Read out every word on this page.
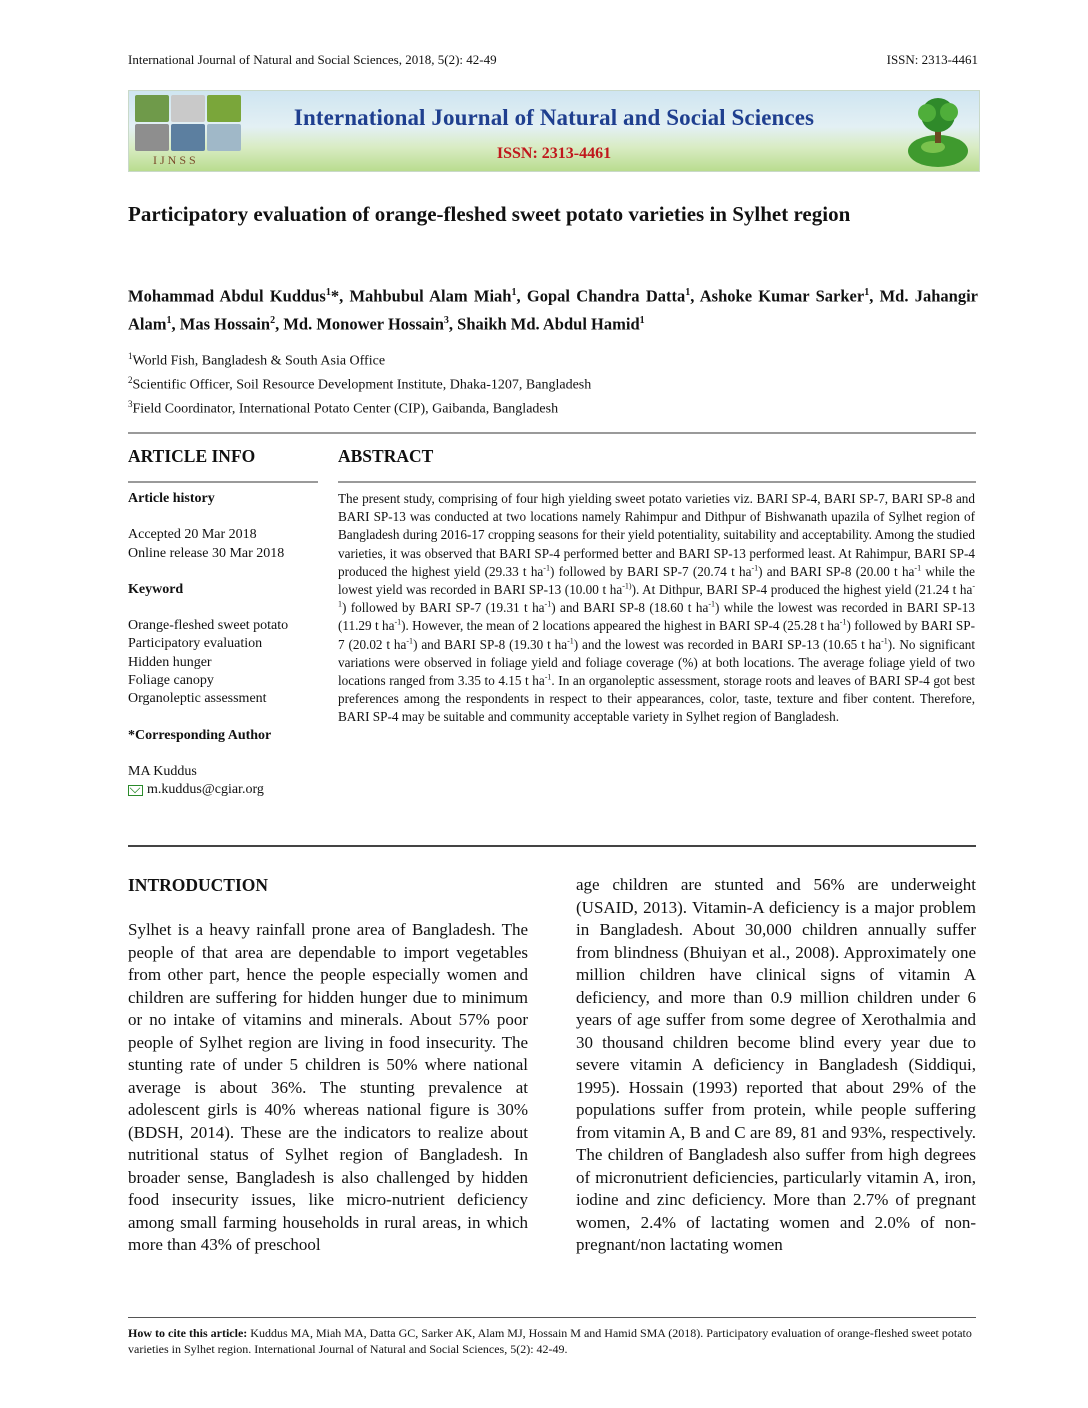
International Journal of Natural and Social Sciences, 2018, 5(2): 42-49	ISSN: 2313-4461
IJNSS
International Journal of Natural and Social Sciences
ISSN: 2313-4461
Participatory evaluation of orange-fleshed sweet potato varieties in Sylhet region
Mohammad Abdul Kuddus$^1$*, Mahbubul Alam Miah$^1$, Gopal Chandra Datta$^1$, Ashoke Kumar Sarker$^1$, Md. Jahangir Alam$^1$, Mas Hossain$^2$, Md. Monower Hossain$^3$, Shaikh Md. Abdul Hamid$^1$
$^1$World Fish, Bangladesh & South Asia Office
$^2$Scientific Officer, Soil Resource Development Institute, Dhaka-1207, Bangladesh
$^3$Field Coordinator, International Potato Center (CIP), Gaibanda, Bangladesh
ARTICLE INFO	ABSTRACT
Article history
Accepted 20 Mar 2018
Online release 30 Mar 2018
Keyword
Orange-fleshed sweet potato
Participatory evaluation
Hidden hunger
Foliage canopy
Organoleptic assessment
*Corresponding Author
MA Kuddus
m.kuddus@cgiar.org
The present study, comprising of four high yielding sweet potato varieties viz. BARI SP-4, BARI SP-7, BARI SP-8 and BARI SP-13 was conducted at two locations namely Rahimpur and Dithpur of Bishwanath upazila of Sylhet region of Bangladesh during 2016-17 cropping seasons for their yield potentiality, suitability and acceptability. Among the studied varieties, it was observed that BARI SP-4 performed better and BARI SP-13 performed least. At Rahimpur, BARI SP-4 produced the highest yield (29.33 t $ha^{-1}$) followed by BARI SP-7 (20.74 t $ha^{-1}$) and BARI SP-8 (20.00 t $ha^{-1}$ while the lowest yield was recorded in BARI SP-13 (10.00 t $ha^{-1)}$). At Dithpur, BARI SP-4 produced the highest yield (21.24 t $ha^{-1}$) followed by BARI SP-7 (19.31 t $ha^{-1}$) and BARI SP-8 (18.60 t $ha^{-1}$) while the lowest was recorded in BARI SP-13 (11.29 t $ha^{-1}$). However, the mean of 2 locations appeared the highest in BARI SP-4 (25.28 t $ha^{-1}$) followed by BARI SP-7 (20.02 t $ha^{-1}$) and BARI SP-8 (19.30 t $ha^{-1}$) and the lowest was recorded in BARI SP-13 (10.65 t $ha^{-1}$). No significant variations were observed in foliage yield and foliage coverage (%) at both locations. The average foliage yield of two locations ranged from 3.35 to 4.15 t $ha^{-1}$. In an organoleptic assessment, storage roots and leaves of BARI SP-4 got best preferences among the respondents in respect to their appearances, color, taste, texture and fiber content. Therefore, BARI SP-4 may be suitable and community acceptable variety in Sylhet region of Bangladesh.
INTRODUCTION
Sylhet is a heavy rainfall prone area of Bangladesh. The people of that area are dependable to import vegetables from other part, hence the people especially women and children are suffering for hidden hunger due to minimum or no intake of vitamins and minerals. About 57% poor people of Sylhet region are living in food insecurity. The stunting rate of under 5 children is 50% where national average is about 36%. The stunting prevalence at adolescent girls is 40% whereas national figure is 30% (BDSH, 2014). These are the indicators to realize about nutritional status of Sylhet region of Bangladesh. In broader sense, Bangladesh is also challenged by hidden food insecurity issues, like micro-nutrient deficiency among small farming households in rural areas, in which more than 43% of preschool
age children are stunted and 56% are underweight (USAID, 2013). Vitamin-A deficiency is a major problem in Bangladesh. About 30,000 children annually suffer from blindness (Bhuiyan et al., 2008). Approximately one million children have clinical signs of vitamin A deficiency, and more than 0.9 million children under 6 years of age suffer from some degree of Xerothalmia and 30 thousand children become blind every year due to severe vitamin A deficiency in Bangladesh (Siddiqui, 1995). Hossain (1993) reported that about 29% of the populations suffer from protein, while people suffering from vitamin A, B and C are 89, 81 and 93%, respectively. The children of Bangladesh also suffer from high degrees of micronutrient deficiencies, particularly vitamin A, iron, iodine and zinc deficiency. More than 2.7% of pregnant women, 2.4% of lactating women and 2.0% of non-pregnant/non lactating women
How to cite this article: Kuddus MA, Miah MA, Datta GC, Sarker AK, Alam MJ, Hossain M and Hamid SMA (2018). Participatory evaluation of orange-fleshed sweet potato varieties in Sylhet region. International Journal of Natural and Social Sciences, 5(2): 42-49.
